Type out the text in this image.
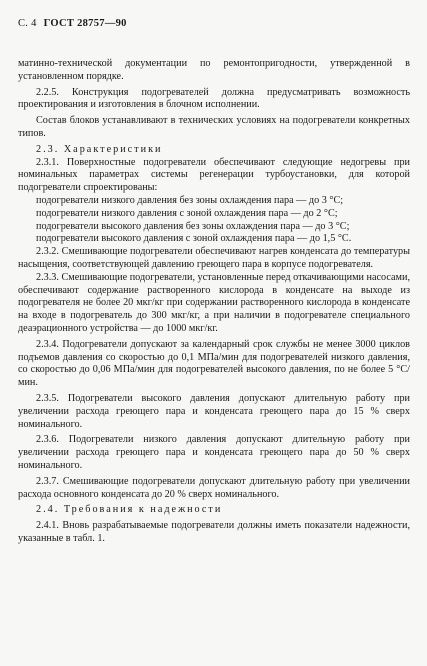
С. 4 ГОСТ 28757—90

матинно-технической документации по ремонтопригодности, утвержденной в установленном порядке.

2.2.5. Конструкция подогревателей должна предусматривать возможность проектирования и изготовления в блочном исполнении.

Состав блоков устанавливают в технических условиях на подогреватели конкретных типов.

2.3. Характеристики

2.3.1. Поверхностные подогреватели обеспечивают следующие недогревы при номинальных параметрах системы регенерации турбоустановки, для которой подогреватели спроектированы:

подогреватели низкого давления без зоны охлаждения пара — до 3 °С;

подогреватели низкого давления с зоной охлаждения пара — до 2 °С;

подогреватели высокого давления без зоны охлаждения пара — до 3 °С;

подогреватели высокого давления с зоной охлаждения пара — до 1,5 °С.

2.3.2. Смешивающие подогреватели обеспечивают нагрев конденсата до температуры насыщения, соответствующей давлению греющего пара в корпусе подогревателя.

2.3.3. Смешивающие подогреватели, установленные перед откачивающими насосами, обеспечивают содержание растворенного кислорода в конденсате на выходе из подогревателя не более 20 мкг/кг при содержании растворенного кислорода в конденсате на входе в подогреватель до 300 мкг/кг, а при наличии в подогревателе специального деаэрационного устройства — до 1000 мкг/кг.

2.3.4. Подогреватели допускают за календарный срок службы не менее 3000 циклов подъемов давления со скоростью до 0,1 МПа/мин для подогревателей низкого давления, со скоростью до 0,06 МПа/мин для подогревателей высокого давления, по не более 5 °С/мин.

2.3.5. Подогреватели высокого давления допускают длительную работу при увеличении расхода греющего пара и конденсата греющего пара до 15 % сверх номинального.

2.3.6. Подогреватели низкого давления допускают длительную работу при увеличении расхода греющего пара и конденсата греющего пара до 50 % сверх номинального.

2.3.7. Смешивающие подогреватели допускают длительную работу при увеличении расхода основного конденсата до 20 % сверх номинального.

2.4. Требования к надежности

2.4.1. Вновь разрабатываемые подогреватели должны иметь показатели надежности, указанные в табл. 1.
